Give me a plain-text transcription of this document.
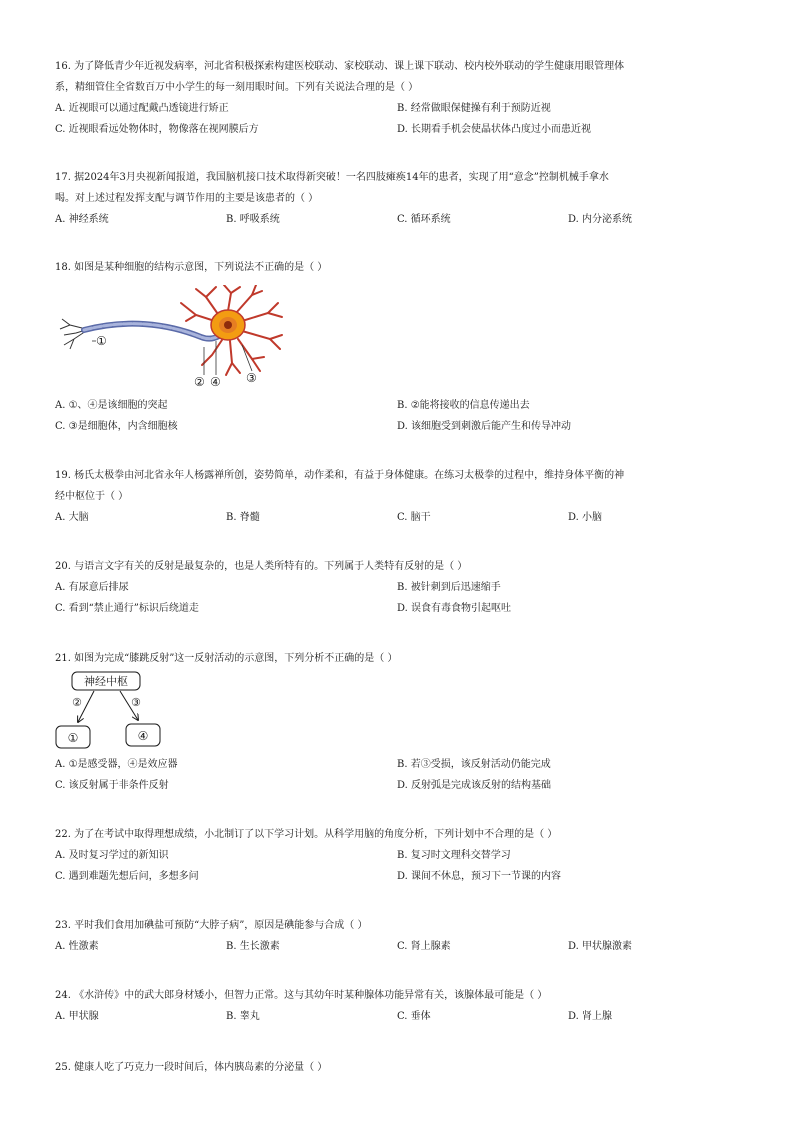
16. 为了降低青少年近视发病率，河北省积极探索构建医校联动、家校联动、课上课下联动、校内校外联动的学生健康用眼管理体

系，精细管住全省数百万中小学生的每一刻用眼时间。下列有关说法合理的是（ ）

A. 近视眼可以通过配戴凸透镜进行矫正	B. 经常做眼保健操有利于预防近视
C. 近视眼看远处物体时，物像落在视网膜后方	D. 长期看手机会使晶状体凸度过小而患近视

17. 据2024年3月央视新闻报道，我国脑机接口技术取得新突破！一名四肢瘫痪14年的患者，实现了用“意念”控制机械手拿水

喝。对上述过程发挥支配与调节作用的主要是该患者的（ ）

A. 神经系统	B. 呼吸系统	C. 循环系统	D. 内分泌系统

18. 如图是某种细胞的结构示意图，下列说法不正确的是（ ）

①
② ④ ③
A. ①、④是该细胞的突起	B. ②能将接收的信息传递出去
C. ③是细胞体，内含细胞核	D. 该细胞受到刺激后能产生和传导冲动

19. 杨氏太极拳由河北省永年人杨露禅所创，姿势简单，动作柔和，有益于身体健康。在练习太极拳的过程中，维持身体平衡的神

经中枢位于（ ）

A. 大脑	B. 脊髓	C. 脑干	D. 小脑

20. 与语言文字有关的反射是最复杂的，也是人类所特有的。下列属于人类特有反射的是（ ）

A. 有尿意后排尿	B. 被针刺到后迅速缩手
C. 看到“禁止通行”标识后绕道走	D. 误食有毒食物引起呕吐

21. 如图为完成“膝跳反射”这一反射活动的示意图，下列分析不正确的是（ ）

神经中枢
②	③
①	④
A. ①是感受器，④是效应器	B. 若③受损，该反射活动仍能完成
C. 该反射属于非条件反射	D. 反射弧是完成该反射的结构基础

22. 为了在考试中取得理想成绩，小北制订了以下学习计划。从科学用脑的角度分析，下列计划中不合理的是（ ）

A. 及时复习学过的新知识	B. 复习时文理科交替学习
C. 遇到难题先想后问，多想多问	D. 课间不休息，预习下一节课的内容

23. 平时我们食用加碘盐可预防“大脖子病”，原因是碘能参与合成（ ）

A. 性激素	B. 生长激素	C. 肾上腺素	D. 甲状腺激素

24. 《水浒传》中的武大郎身材矮小，但智力正常。这与其幼年时某种腺体功能异常有关，该腺体最可能是（ ）

A. 甲状腺	B. 睾丸	C. 垂体	D. 肾上腺

25. 健康人吃了巧克力一段时间后，体内胰岛素的分泌量（ ）
